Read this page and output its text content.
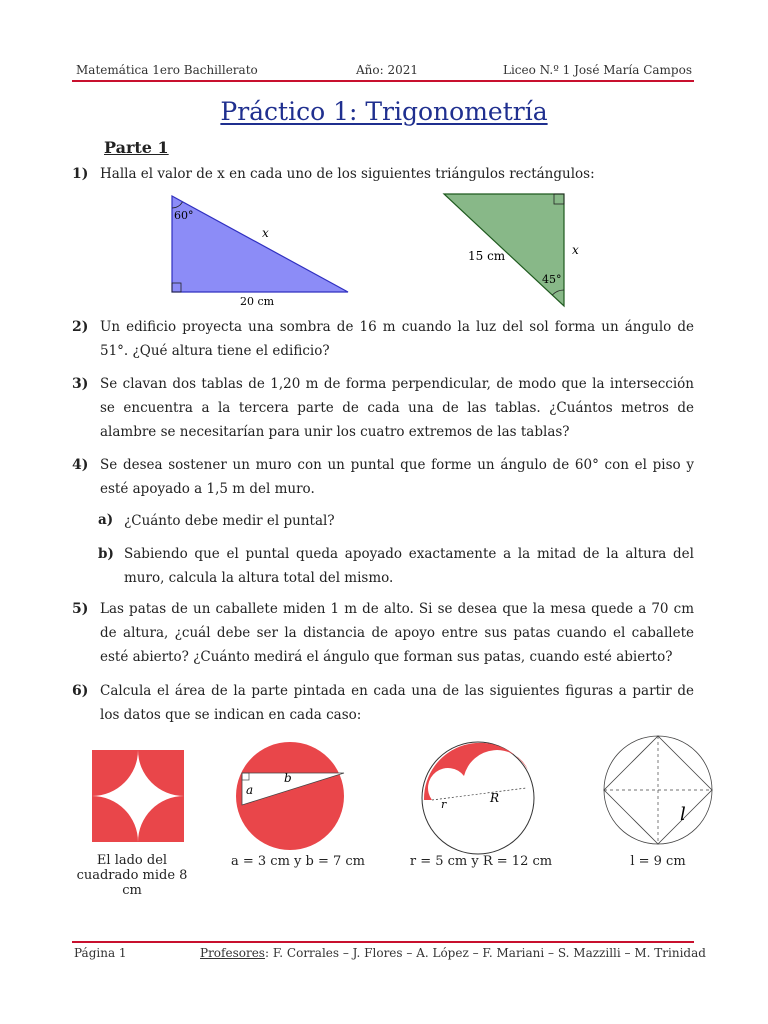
Matemática 1ero Bachillerato	Año: 2021	Liceo N.º 1 José María Campos
Práctico 1: Trigonometría
Parte 1
1) Halla el valor de x en cada uno de los siguientes triángulos rectángulos:
60°
x
20 cm
15 cm	x
45°
2) Un edificio proyecta una sombra de 16 m cuando la luz del sol forma un ángulo de 51°. ¿Qué altura tiene el edificio?
3) Se clavan dos tablas de 1,20 m de forma perpendicular, de modo que la intersección se encuentra a la tercera parte de cada una de las tablas. ¿Cuántos metros de alambre se necesitarían para unir los cuatro extremos de las tablas?
4) Se desea sostener un muro con un puntal que forme un ángulo de 60° con el piso y esté apoyado a 1,5 m del muro.
a) ¿Cuánto debe medir el puntal?
b) Sabiendo que el puntal queda apoyado exactamente a la mitad de la altura del muro, calcula la altura total del mismo.
5) Las patas de un caballete miden 1 m de alto. Si se desea que la mesa quede a 70 cm de altura, ¿cuál debe ser la distancia de apoyo entre sus patas cuando el caballete esté abierto? ¿Cuánto medirá el ángulo que forman sus patas, cuando esté abierto?
6) Calcula el área de la parte pintada en cada una de las siguientes figuras a partir de los datos que se indican en cada caso:
b
a
r	R
l
El lado del cuadrado mide 8 cm
a = 3 cm y b = 7 cm	r = 5 cm y R = 12 cm	l = 9 cm
Página 1	Profesores: F. Corrales – J. Flores – A. López – F. Mariani – S. Mazzilli – M. Trinidad
